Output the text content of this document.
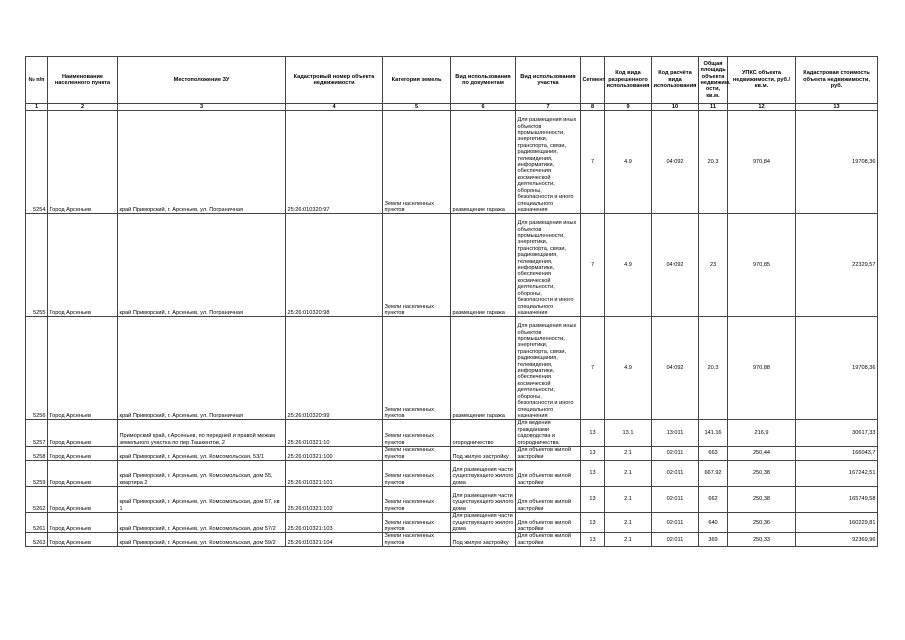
№ п/п	Наименование населенного пункта	Местоположение ЗУ	Кадастровый номер объекта недвижимости	Категория земель	Вид использования по документам	Вид использования участка	Сегмент	Код вида разрешенного использования	Код расчёта вида использования	Общая площадь объекта недвижим. ости, кв.м.	УПКС объекта недвижимости, руб./кв.м.	Кадастровая стоимость объекта недвижимости, руб.
1	2	3	4	5	6	7	8	9	10	11	12	13
5254	Город Арсеньев	край Приморский, г. Арсеньев, ул. Пограничная	25:26:010320:97	Земли населенных пунктов	размещение гаража	Для размещения иных объектов промышленности, энергетики, транспорта, связи, радиовещания, телевидения, информатики, обеспечения космической деятельности, обороны, безопасности и иного специального назначения	7	4.9	04:092	20.3	970,84	19708,36
5255	Город Арсеньев	край Приморский, г. Арсеньев, ул. Пограничная	25:26:010320:98	Земли населенных пунктов	размещение гаража	Для размещения иных объектов промышленности, энергетики, транспорта, связи, радиовещания, телевидения, информатики, обеспечения космической деятельности, обороны, безопасности и иного специального назначения	7	4.9	04:092	23	970,85	22329,57
5256	Город Арсеньев	край Приморский, г. Арсеньев, ул. Пограничная	25:26:010320:99	Земли населенных пунктов	размещение гаража	Для размещения иных объектов промышленности, энергетики, транспорта, связи, радиовещания, телевидения, информатики, обеспечения космической деятельности, обороны, безопасности и иного специального назначения	7	4.9	04:092	20.3	970,88	19708,36
5257	Город Арсеньев	Приморский край, г.Арсеньев, по передней и правой межам земельного участка по пер.Ташкентов, 2	25:26:010321:10	Земли населенных пунктов	огородничество	Для ведения гражданами садоводства и огородничества	13	13.1	13:011	141.16	216,9	30617,33
5258	Город Арсеньев	край Приморский, г. Арсеньев, ул. Комсомольская, 53/1	25:26:010321:100	Земли населенных пунктов	Под жилую застройку	Для объектов жилой застройки	13	2.1	02:011	663	250,44	166043,7
5259	Город Арсеньев	край Приморский, г. Арсеньев, ул. Комсомольская, дом 55, квартира 2	25:26:010321:101	Земли населенных пунктов	Для размещения части существующего жилого дома	Для объектов жилой застройки	13	2.1	02:011	667.92	250,38	167242,51
5262	Город Арсеньев	край Приморский, г. Арсеньев, ул. Комсомольская, дом 57, кв 1	25:26:010321:102	Земли населенных пунктов	Для размещения части существующего жилого дома	Для объектов жилой застройки	13	2.1	02:011	662	250,38	165749,58
5261	Город Арсеньев	край Приморский, г. Арсеньев, ул. Комсомольская, дом 57/2	25:26:010321:103	Земли населенных пунктов	Для размещения части существующего жилого дома	Для объектов жилой застройки	13	2.1	02:011	640	250,36	160229,81
5263	Город Арсеньев	край Приморский, г. Арсеньев, ул. Комсомольская, дом 59/2	25:26:010321:104	Земли населенных пунктов	Под жилую застройку	Для объектов жилой застройки	13	2.1	02:011	369	250,33	92369,96
